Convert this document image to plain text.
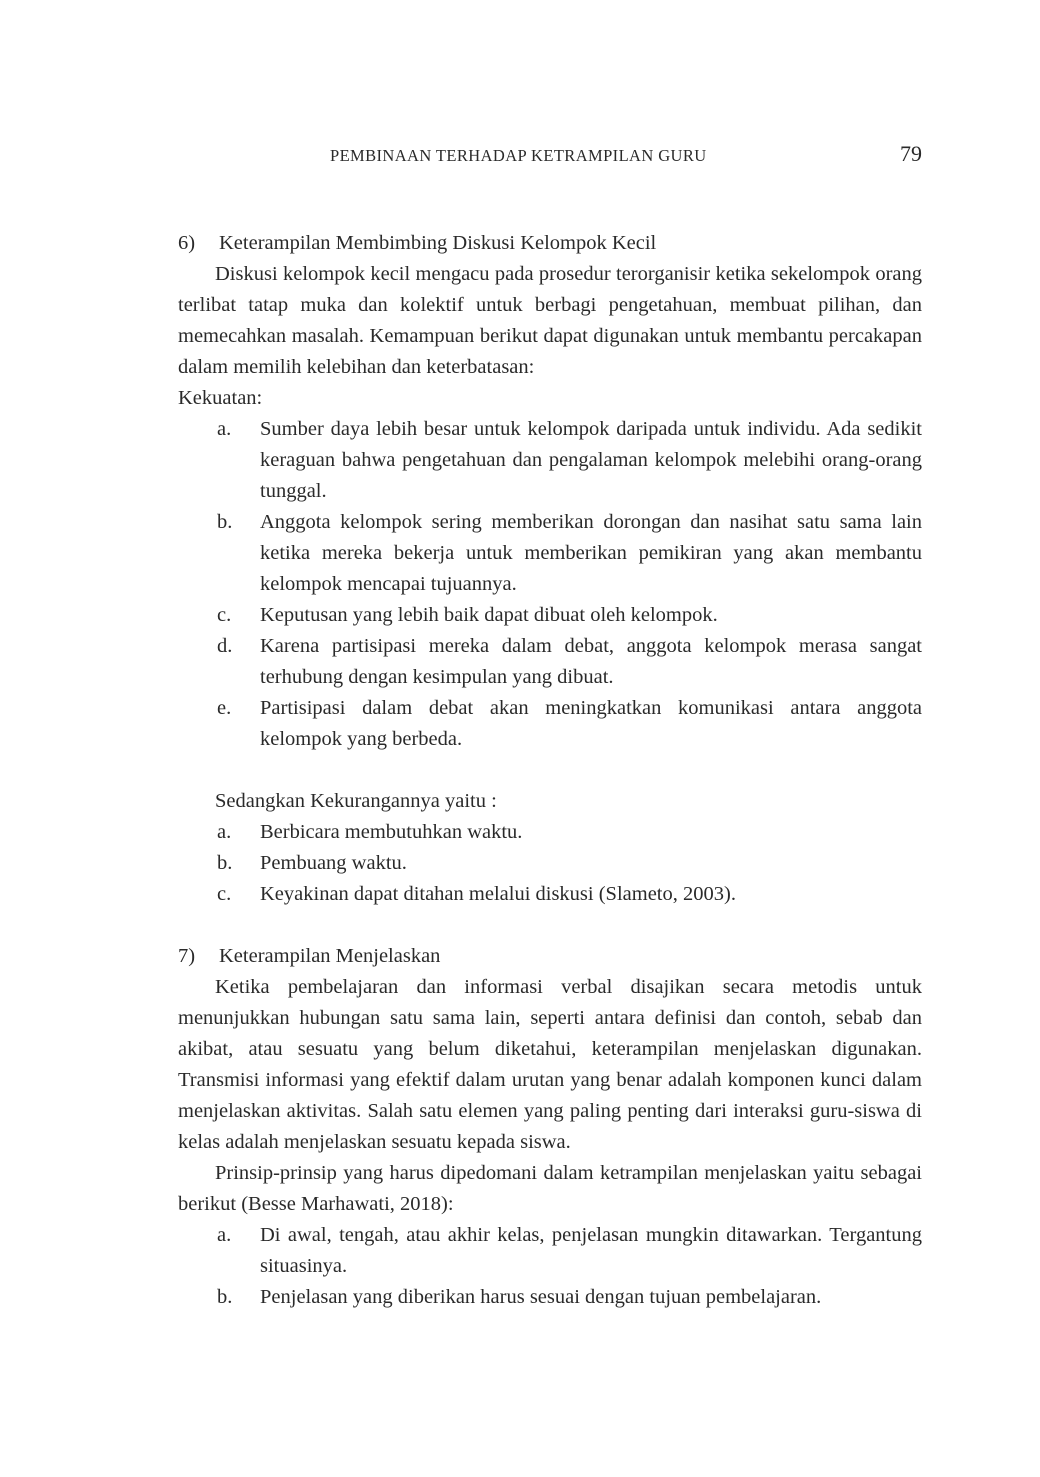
PEMBINAAN TERHADAP KETRAMPILAN GURU	79
6) Keterampilan Membimbing Diskusi Kelompok Kecil

Diskusi kelompok kecil mengacu pada prosedur terorganisir ketika sekelompok orang terlibat tatap muka dan kolektif untuk berbagi pengetahuan, membuat pilihan, dan memecahkan masalah. Kemampuan berikut dapat digunakan untuk membantu percakapan dalam memilih kelebihan dan keterbatasan:

Kekuatan:

a. Sumber daya lebih besar untuk kelompok daripada untuk individu. Ada sedikit keraguan bahwa pengetahuan dan pengalaman kelompok melebihi orang-orang tunggal.
b. Anggota kelompok sering memberikan dorongan dan nasihat satu sama lain ketika mereka bekerja untuk memberikan pemikiran yang akan membantu kelompok mencapai tujuannya.
c. Keputusan yang lebih baik dapat dibuat oleh kelompok.
d. Karena partisipasi mereka dalam debat, anggota kelompok merasa sangat terhubung dengan kesimpulan yang dibuat.
e. Partisipasi dalam debat akan meningkatkan komunikasi antara anggota kelompok yang berbeda.

Sedangkan Kekurangannya yaitu :

a. Berbicara membutuhkan waktu.
b. Pembuang waktu.
c. Keyakinan dapat ditahan melalui diskusi (Slameto, 2003).
7) Keterampilan Menjelaskan

Ketika pembelajaran dan informasi verbal disajikan secara metodis untuk menunjukkan hubungan satu sama lain, seperti antara definisi dan contoh, sebab dan akibat, atau sesuatu yang belum diketahui, keterampilan menjelaskan digunakan. Transmisi informasi yang efektif dalam urutan yang benar adalah komponen kunci dalam menjelaskan aktivitas. Salah satu elemen yang paling penting dari interaksi guru-siswa di kelas adalah menjelaskan sesuatu kepada siswa.

Prinsip-prinsip yang harus dipedomani dalam ketrampilan menjelaskan yaitu sebagai berikut (Besse Marhawati, 2018):

a. Di awal, tengah, atau akhir kelas, penjelasan mungkin ditawarkan. Tergantung situasinya.
b. Penjelasan yang diberikan harus sesuai dengan tujuan pembelajaran.
